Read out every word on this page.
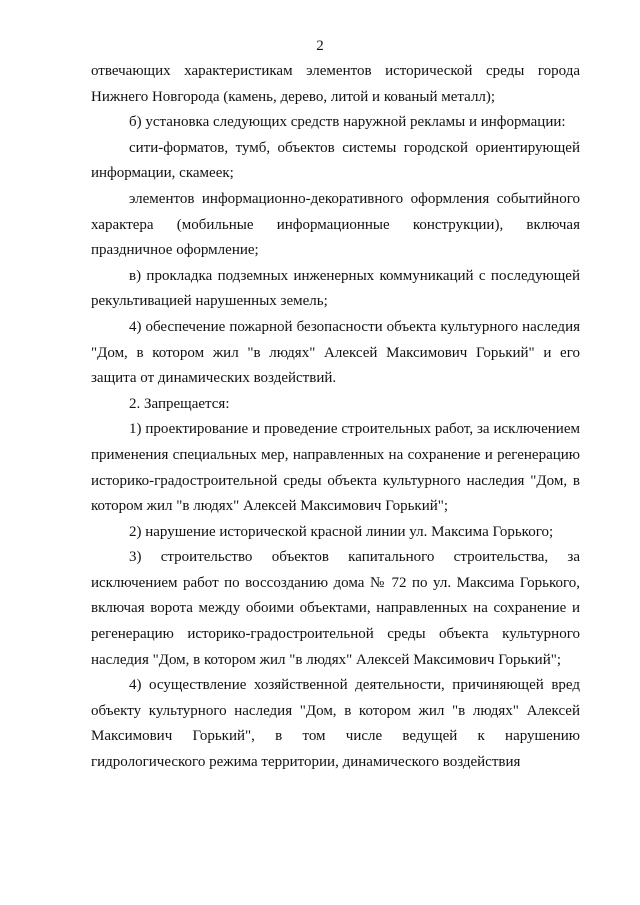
2

отвечающих характеристикам элементов исторической среды города Нижнего Новгорода (камень, дерево, литой и кованый металл);

б) установка следующих средств наружной рекламы и информации:

сити-форматов, тумб, объектов системы городской ориентирующей информации, скамеек;

элементов информационно-декоративного оформления событийного характера (мобильные информационные конструкции), включая праздничное оформление;

в) прокладка подземных инженерных коммуникаций с последующей рекультивацией нарушенных земель;

4) обеспечение пожарной безопасности объекта культурного наследия "Дом, в котором жил "в людях" Алексей Максимович Горький" и его защита от динамических воздействий.

2. Запрещается:

1) проектирование и проведение строительных работ, за исключением применения специальных мер, направленных на сохранение и регенерацию историко-градостроительной среды объекта культурного наследия "Дом, в котором жил "в людях" Алексей Максимович Горький";

2) нарушение исторической красной линии ул. Максима Горького;

3) строительство объектов капитального строительства, за исключением работ по воссозданию дома № 72 по ул. Максима Горького, включая ворота между обоими объектами, направленных на сохранение и регенерацию историко-градостроительной среды объекта культурного наследия "Дом, в котором жил "в людях" Алексей Максимович Горький";

4) осуществление хозяйственной деятельности, причиняющей вред объекту культурного наследия "Дом, в котором жил "в людях" Алексей Максимович Горький", в том числе ведущей к нарушению гидрологического режима территории, динамического воздействия
